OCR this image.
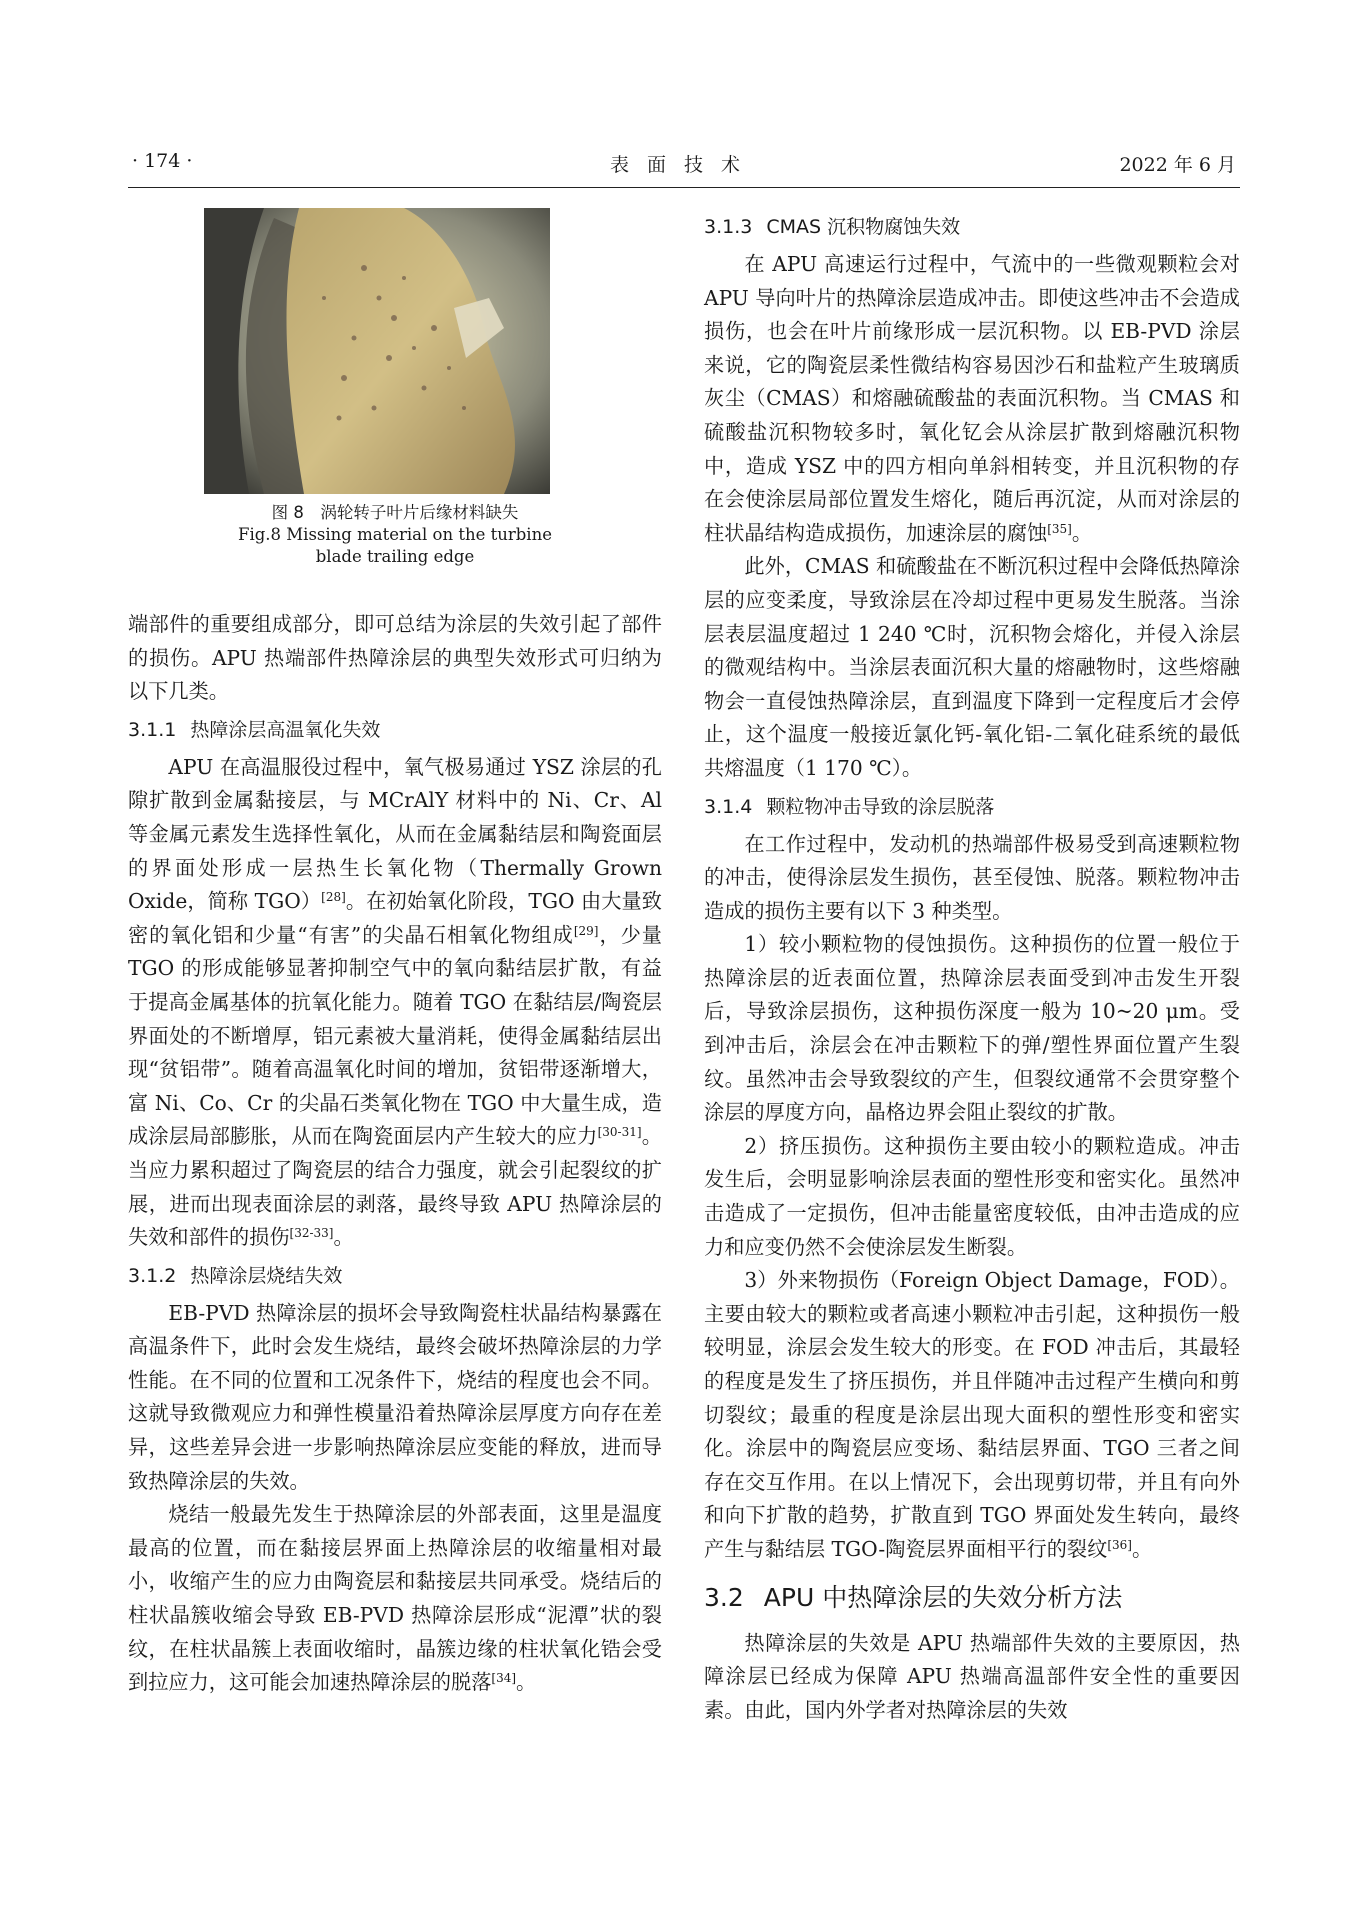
· 174 ·	表面技术	2022 年 6 月
图 8　涡轮转子叶片后缘材料缺失
Fig.8 Missing material on the turbine
blade trailing edge

端部件的重要组成部分，即可总结为涂层的失效引起了部件的损伤。APU 热端部件热障涂层的典型失效形式可归纳为以下几类。

3.1.1 热障涂层高温氧化失效

APU 在高温服役过程中，氧气极易通过 YSZ 涂层的孔隙扩散到金属黏接层，与 MCrAlY 材料中的 Ni、Cr、Al 等金属元素发生选择性氧化，从而在金属黏结层和陶瓷面层的界面处形成一层热生长氧化物（Thermally Grown Oxide，简称 TGO）[28]。在初始氧化阶段，TGO 由大量致密的氧化铝和少量“有害”的尖晶石相氧化物组成[29]，少量 TGO 的形成能够显著抑制空气中的氧向黏结层扩散，有益于提高金属基体的抗氧化能力。随着 TGO 在黏结层/陶瓷层界面处的不断增厚，铝元素被大量消耗，使得金属黏结层出现“贫铝带”。随着高温氧化时间的增加，贫铝带逐渐增大，富 Ni、Co、Cr 的尖晶石类氧化物在 TGO 中大量生成，造成涂层局部膨胀，从而在陶瓷面层内产生较大的应力[30-31]。当应力累积超过了陶瓷层的结合力强度，就会引起裂纹的扩展，进而出现表面涂层的剥落，最终导致 APU 热障涂层的失效和部件的损伤[32-33]。

3.1.2 热障涂层烧结失效

EB-PVD 热障涂层的损坏会导致陶瓷柱状晶结构暴露在高温条件下，此时会发生烧结，最终会破坏热障涂层的力学性能。在不同的位置和工况条件下，烧结的程度也会不同。这就导致微观应力和弹性模量沿着热障涂层厚度方向存在差异，这些差异会进一步影响热障涂层应变能的释放，进而导致热障涂层的失效。

烧结一般最先发生于热障涂层的外部表面，这里是温度最高的位置，而在黏接层界面上热障涂层的收缩量相对最小，收缩产生的应力由陶瓷层和黏接层共同承受。烧结后的柱状晶簇收缩会导致 EB-PVD 热障涂层形成“泥潭”状的裂纹，在柱状晶簇上表面收缩时，晶簇边缘的柱状氧化锆会受到拉应力，这可能会加速热障涂层的脱落[34]。

3.1.3 CMAS 沉积物腐蚀失效

在 APU 高速运行过程中，气流中的一些微观颗粒会对 APU 导向叶片的热障涂层造成冲击。即使这些冲击不会造成损伤，也会在叶片前缘形成一层沉积物。以 EB-PVD 涂层来说，它的陶瓷层柔性微结构容易因沙石和盐粒产生玻璃质灰尘（CMAS）和熔融硫酸盐的表面沉积物。当 CMAS 和硫酸盐沉积物较多时，氧化钇会从涂层扩散到熔融沉积物中，造成 YSZ 中的四方相向单斜相转变，并且沉积物的存在会使涂层局部位置发生熔化，随后再沉淀，从而对涂层的柱状晶结构造成损伤，加速涂层的腐蚀[35]。

此外，CMAS 和硫酸盐在不断沉积过程中会降低热障涂层的应变柔度，导致涂层在冷却过程中更易发生脱落。当涂层表层温度超过 1 240 ℃时，沉积物会熔化，并侵入涂层的微观结构中。当涂层表面沉积大量的熔融物时，这些熔融物会一直侵蚀热障涂层，直到温度下降到一定程度后才会停止，这个温度一般接近氯化钙-氧化铝-二氧化硅系统的最低共熔温度（1 170 ℃）。

3.1.4 颗粒物冲击导致的涂层脱落

在工作过程中，发动机的热端部件极易受到高速颗粒物的冲击，使得涂层发生损伤，甚至侵蚀、脱落。颗粒物冲击造成的损伤主要有以下 3 种类型。

1）较小颗粒物的侵蚀损伤。这种损伤的位置一般位于热障涂层的近表面位置，热障涂层表面受到冲击发生开裂后，导致涂层损伤，这种损伤深度一般为 10~20 μm。受到冲击后，涂层会在冲击颗粒下的弹/塑性界面位置产生裂纹。虽然冲击会导致裂纹的产生，但裂纹通常不会贯穿整个涂层的厚度方向，晶格边界会阻止裂纹的扩散。

2）挤压损伤。这种损伤主要由较小的颗粒造成。冲击发生后，会明显影响涂层表面的塑性形变和密实化。虽然冲击造成了一定损伤，但冲击能量密度较低，由冲击造成的应力和应变仍然不会使涂层发生断裂。

3）外来物损伤（Foreign Object Damage，FOD）。主要由较大的颗粒或者高速小颗粒冲击引起，这种损伤一般较明显，涂层会发生较大的形变。在 FOD 冲击后，其最轻的程度是发生了挤压损伤，并且伴随冲击过程产生横向和剪切裂纹；最重的程度是涂层出现大面积的塑性形变和密实化。涂层中的陶瓷层应变场、黏结层界面、TGO 三者之间存在交互作用。在以上情况下，会出现剪切带，并且有向外和向下扩散的趋势，扩散直到 TGO 界面处发生转向，最终产生与黏结层 TGO-陶瓷层界面相平行的裂纹[36]。

3.2 APU 中热障涂层的失效分析方法

热障涂层的失效是 APU 热端部件失效的主要原因，热障涂层已经成为保障 APU 热端高温部件安全性的重要因素。由此，国内外学者对热障涂层的失效
